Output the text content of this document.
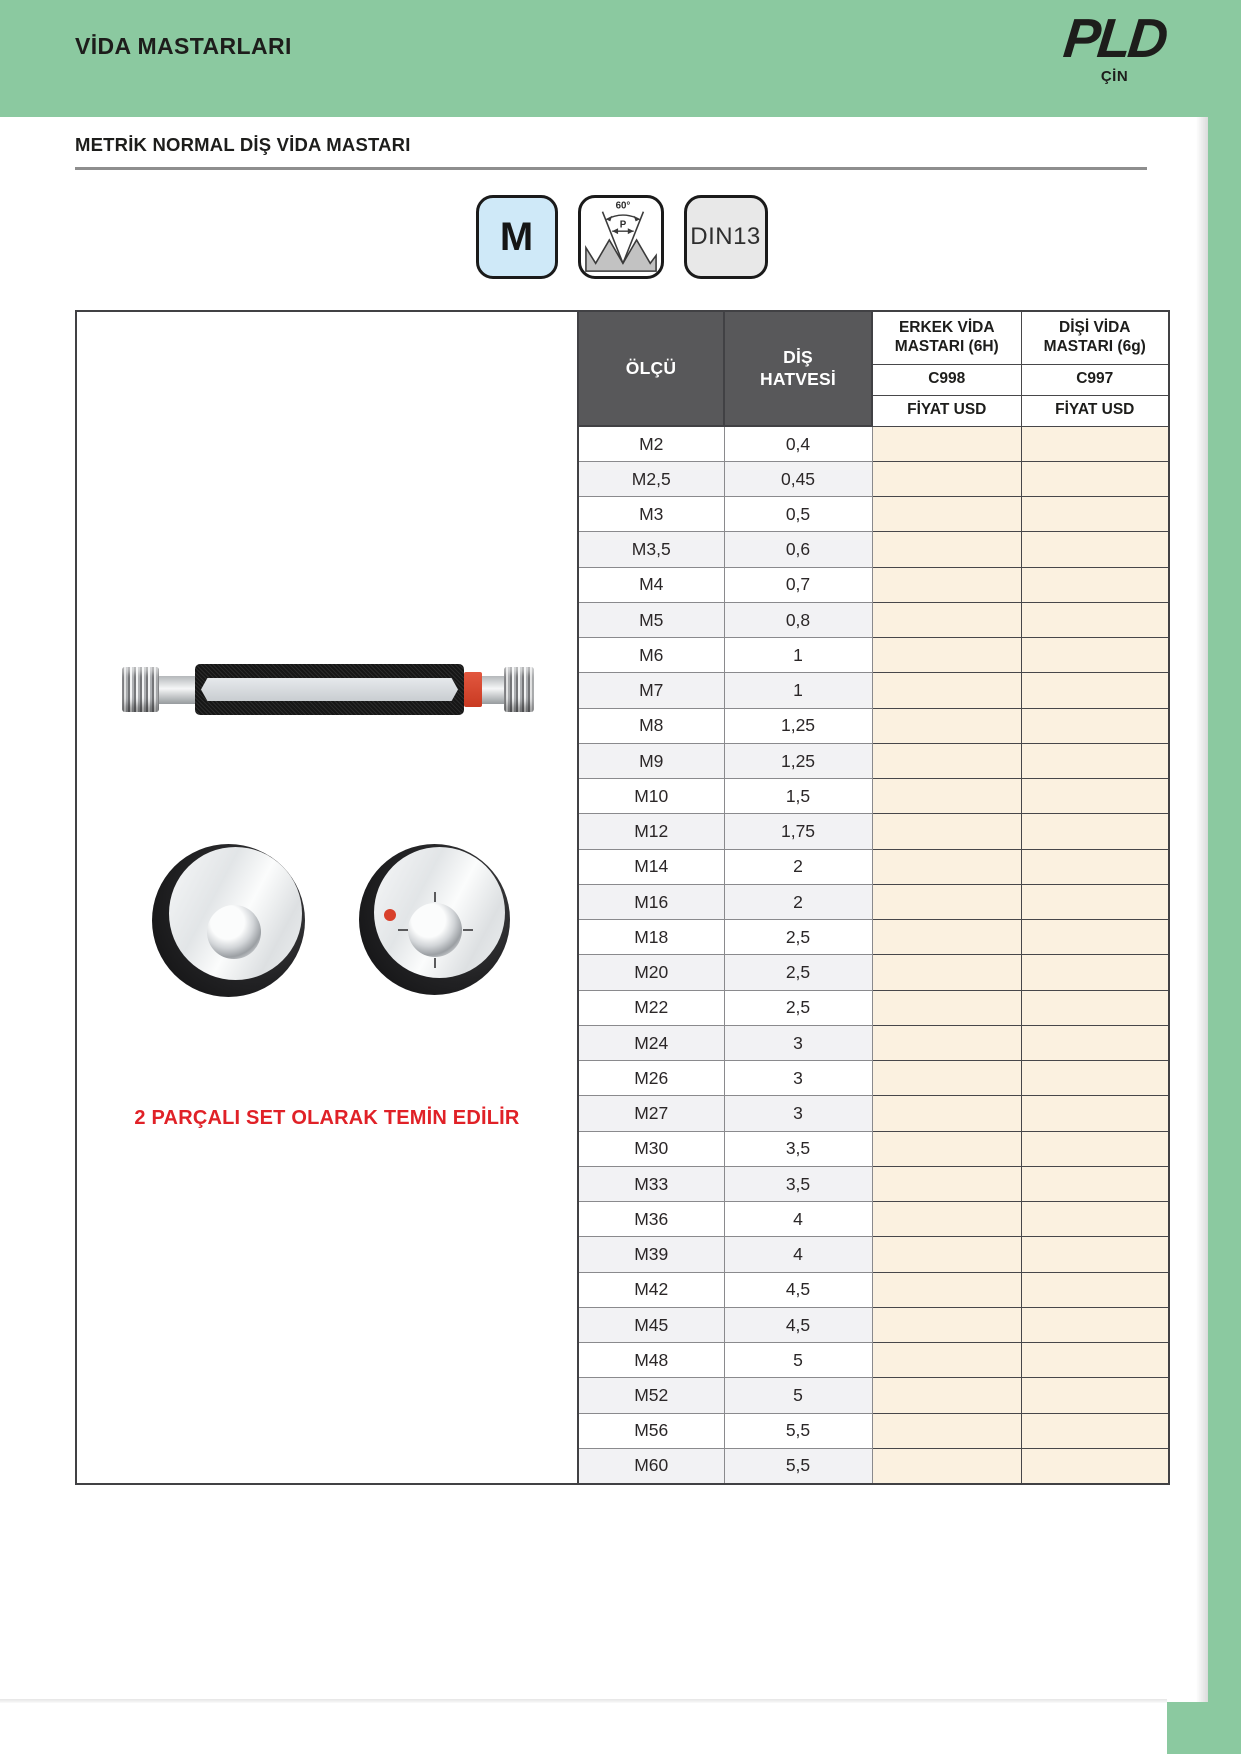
VİDA MASTARLARI	PLD
ÇİN
METRİK NORMAL DİŞ VİDA MASTARI
M
60°
P	DIN13
2 PARÇALI SET OLARAK TEMİN EDİLİR	ÖLÇÜ	DİŞ HATVESİ	ERKEK VİDA MASTARI (6H)	DİŞİ VİDA MASTARI (6g)
			C998	C997
			FİYAT USD	FİYAT USD
	M2	0,4		
	M2,5	0,45		
	M3	0,5		
	M3,5	0,6		
	M4	0,7		
	M5	0,8		
	M6	1		
	M7	1		
	M8	1,25		
	M9	1,25		
	M10	1,5		
	M12	1,75		
	M14	2		
	M16	2		
	M18	2,5		
	M20	2,5		
	M22	2,5		
	M24	3		
	M26	3		
	M27	3		
	M30	3,5		
	M33	3,5		
	M36	4		
	M39	4		
	M42	4,5		
	M45	4,5		
	M48	5		
	M52	5		
	M56	5,5		
	M60	5,5		
